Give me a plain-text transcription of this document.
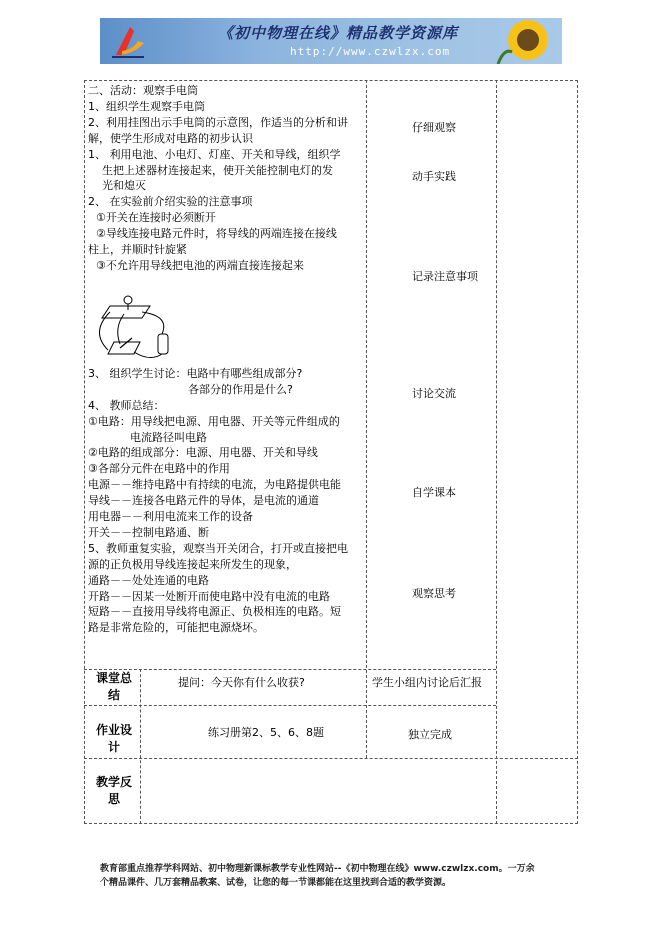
《初中物理在线》精品教学资源库
http://www.czwlzx.com
二、活动：观察手电筒
1、组织学生观察手电筒
2、利用挂图出示手电筒的示意图，作适当的分析和讲
解，使学生形成对电路的初步认识
1、 利用电池、小电灯、灯座、开关和导线，组织学
生把上述器材连接起来，使开关能控制电灯的发
光和熄灭
2、 在实验前介绍实验的注意事项
①开关在连接时必须断开
②导线连接电路元件时，将导线的两端连接在接线
柱上，并顺时针旋紧
③不允许用导线把电池的两端直接连接起来
3、 组织学生讨论：电路中有哪些组成部分?
各部分的作用是什么?
4、 教师总结：
①电路：用导线把电源、用电器、开关等元件组成的
电流路径叫电路
②电路的组成部分：电源、用电器、开关和导线
③各部分元件在电路中的作用
电源－－维持电路中有持续的电流，为电路提供电能
导线－－连接各电路元件的导体，是电流的通道
用电器－－利用电流来工作的设备
开关－－控制电路通、断
5、教师重复实验，观察当开关闭合，打开或直接把电
源的正负极用导线连接起来所发生的现象，
通路－－处处连通的电路
开路－－因某一处断开而使电路中没有电流的电路
短路－－直接用导线将电源正、负极相连的电路。短
路是非常危险的，可能把电源烧坏。
仔细观察
动手实践
记录注意事项
讨论交流
自学课本
观察思考
课堂总结
提问：今天你有什么收获?	学生小组内讨论后汇报
作业设计
练习册第2、5、6、8题	独立完成
教学反思
教育部重点推荐学科网站、初中物理新课标教学专业性网站--《初中物理在线》www.czwlzx.com。一万余
个精品课件、几万套精品教案、试卷，让您的每一节课都能在这里找到合适的教学资源。
